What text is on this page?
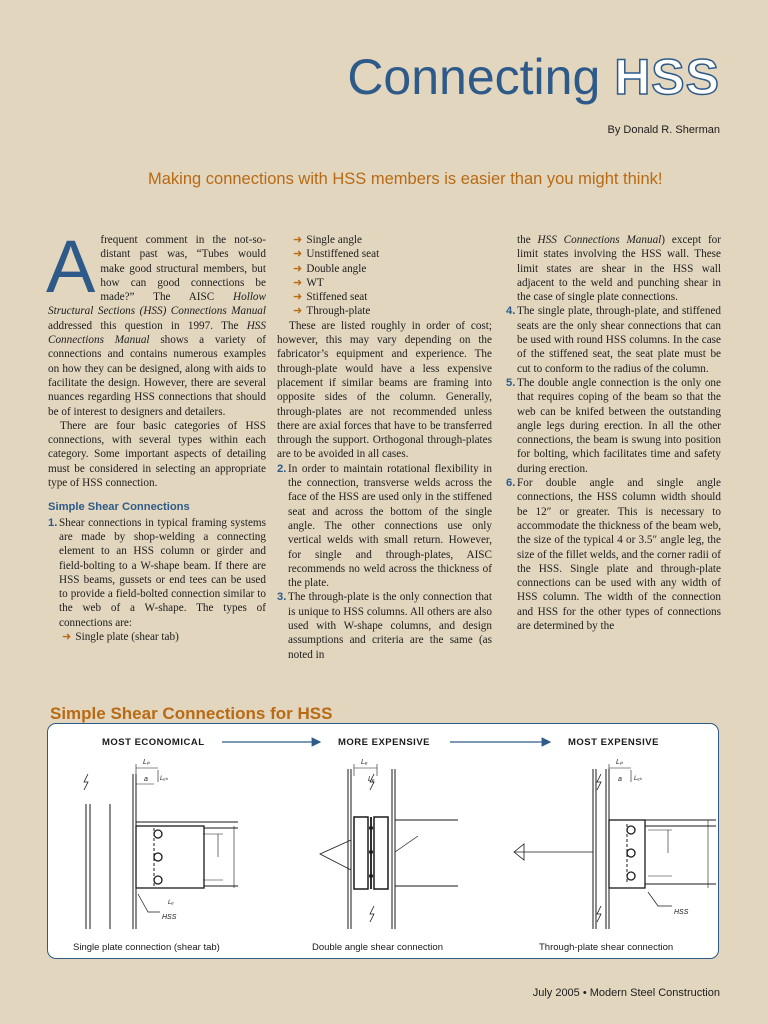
Connecting HSS
By Donald R. Sherman
Making connections with HSS members is easier than you might think!

Afrequent comment in the not-so-distant past was, “Tubes would make good structural members, but how can good connections be made?” The AISC Hollow Structural Sections (HSS) Connections Manual addressed this question in 1997. The HSS Connections Manual shows a variety of connections and contains numerous examples on how they can be designed, along with aids to facilitate the design. However, there are several nuances regarding HSS connections that should be of interest to designers and detailers.

There are four basic categories of HSS connections, with several types within each category. Some important aspects of detailing must be considered in selecting an appropriate type of HSS connection.

Simple Shear Connections
1. Shear connections in typical framing systems are made by shop-welding a connecting element to an HSS column or girder and field-bolting to a W-shape beam. If there are HSS beams, gussets or end tees can be used to provide a field-bolted connection similar to the web of a W-shape. The types of connections are:
➜ Single plate (shear tab)
➜ Single angle
➜ Unstiffened seat
➜ Double angle
➜ WT
➜ Stiffened seat
➜ Through-plate

These are listed roughly in order of cost; however, this may vary depending on the fabricator’s equipment and experience. The through-plate would have a less expensive placement if similar beams are framing into opposite sides of the column. Generally, through-plates are not recommended unless there are axial forces that have to be transferred through the support. Orthogonal through-plates are to be avoided in all cases.

2. In order to maintain rotational flexibility in the connection, transverse welds across the face of the HSS are used only in the stiffened seat and across the bottom of the single angle. The other connections use only vertical welds with small return. However, for single and through-plates, AISC recommends no weld across the thickness of the plate.
3. The through-plate is the only connection that is unique to HSS columns. All others are also used with W-shape columns, and design assumptions and criteria are the same (as noted in

the HSS Connections Manual) except for limit states involving the HSS wall. These limit states are shear in the HSS wall adjacent to the weld and punching shear in the case of single plate connections.

4. The single plate, through-plate, and stiffened seats are the only shear connections that can be used with round HSS columns. In the case of the stiffened seat, the seat plate must be cut to conform to the radius of the column.
5. The double angle connection is the only one that requires coping of the beam so that the web can be knifed between the outstanding angle legs during erection. In all the other connections, the beam is swung into position for bolting, which facilitates time and safety during erection.
6. For double angle and single angle connections, the HSS column width should be 12″ or greater. This is necessary to accommodate the thickness of the beam web, the size of the typical 4 or 3.5″ angle leg, the size of the fillet welds, and the corner radii of the HSS. Single plate and through-plate connections can be used with any width of HSS column. The width of the connection and HSS for the other types of connections are determined by the
Simple Shear Connections for HSS
MOST ECONOMICAL	MORE EXPENSIVE	MOST EXPENSIVE
Lₚ
a Lₑₕ
Lₑ
HSS
Lₑ
Lₑ
Lₚ
a Lₑₕ
HSS
Single plate connection (shear tab)	Double angle shear connection	Through-plate shear connection
July 2005 • Modern Steel Construction
